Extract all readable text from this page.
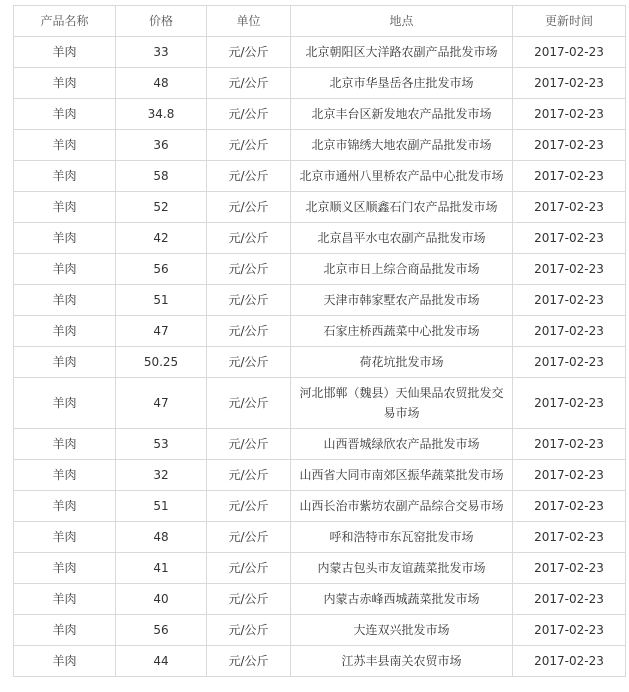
产品名称	价格	单位	地点	更新时间
羊肉	33	元/公斤	北京朝阳区大洋路农副产品批发市场	2017-02-23
羊肉	48	元/公斤	北京市华垦岳各庄批发市场	2017-02-23
羊肉	34.8	元/公斤	北京丰台区新发地农产品批发市场	2017-02-23
羊肉	36	元/公斤	北京市锦绣大地农副产品批发市场	2017-02-23
羊肉	58	元/公斤	北京市通州八里桥农产品中心批发市场	2017-02-23
羊肉	52	元/公斤	北京顺义区顺鑫石门农产品批发市场	2017-02-23
羊肉	42	元/公斤	北京昌平水屯农副产品批发市场	2017-02-23
羊肉	56	元/公斤	北京市日上综合商品批发市场	2017-02-23
羊肉	51	元/公斤	天津市韩家墅农产品批发市场	2017-02-23
羊肉	47	元/公斤	石家庄桥西蔬菜中心批发市场	2017-02-23
羊肉	50.25	元/公斤	荷花坑批发市场	2017-02-23
羊肉	47	元/公斤	河北邯郸（魏县）天仙果品农贸批发交易市场	2017-02-23
羊肉	53	元/公斤	山西晋城绿欣农产品批发市场	2017-02-23
羊肉	32	元/公斤	山西省大同市南郊区振华蔬菜批发市场	2017-02-23
羊肉	51	元/公斤	山西长治市紫坊农副产品综合交易市场	2017-02-23
羊肉	48	元/公斤	呼和浩特市东瓦窑批发市场	2017-02-23
羊肉	41	元/公斤	内蒙古包头市友谊蔬菜批发市场	2017-02-23
羊肉	40	元/公斤	内蒙古赤峰西城蔬菜批发市场	2017-02-23
羊肉	56	元/公斤	大连双兴批发市场	2017-02-23
羊肉	44	元/公斤	江苏丰县南关农贸市场	2017-02-23
